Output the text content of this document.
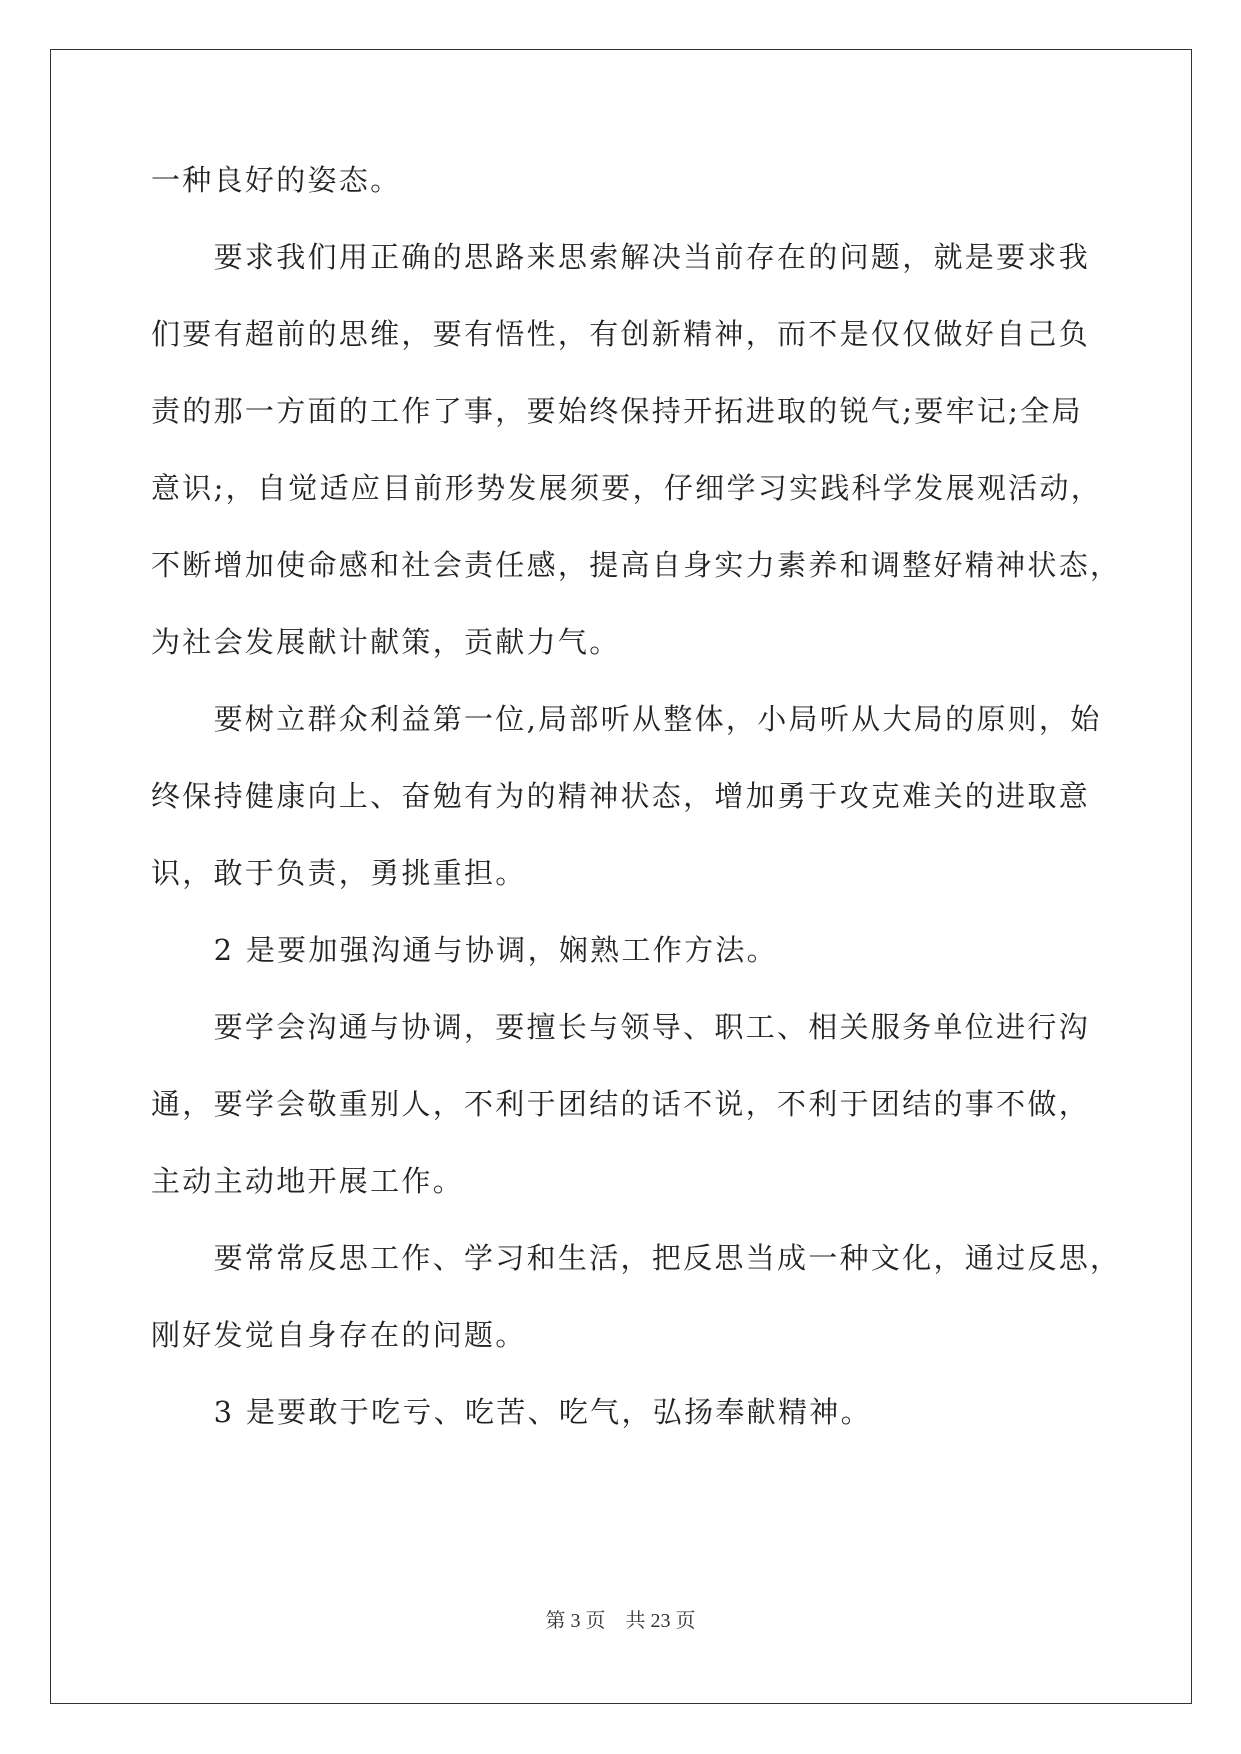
一种良好的姿态。
　　要求我们用正确的思路来思索解决当前存在的问题，就是要求我
们要有超前的思维，要有悟性，有创新精神，而不是仅仅做好自己负
责的那一方面的工作了事，要始终保持开拓进取的锐气;要牢记;全局
意识;，自觉适应目前形势发展须要，仔细学习实践科学发展观活动，
不断增加使命感和社会责任感，提高自身实力素养和调整好精神状态，
为社会发展献计献策，贡献力气。
　　要树立群众利益第一位,局部听从整体，小局听从大局的原则，始
终保持健康向上、奋勉有为的精神状态，增加勇于攻克难关的进取意
识，敢于负责，勇挑重担。
　　2 是要加强沟通与协调，娴熟工作方法。
　　要学会沟通与协调，要擅长与领导、职工、相关服务单位进行沟
通，要学会敬重别人，不利于团结的话不说，不利于团结的事不做，
主动主动地开展工作。
　　要常常反思工作、学习和生活，把反思当成一种文化，通过反思，
刚好发觉自身存在的问题。
　　3 是要敢于吃亏、吃苦、吃气，弘扬奉献精神。
第 3 页    共 23 页
